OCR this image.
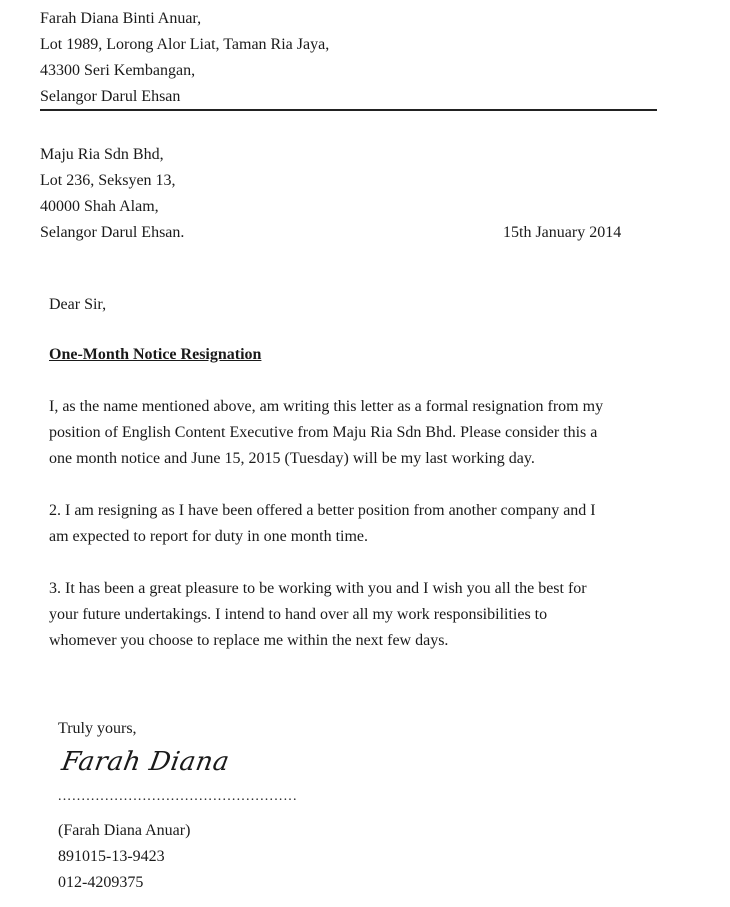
Farah Diana Binti Anuar,
Lot 1989, Lorong Alor Liat, Taman Ria Jaya,
43300 Seri Kembangan,
Selangor Darul Ehsan
Maju Ria Sdn Bhd,
Lot 236, Seksyen 13,
40000 Shah Alam,
Selangor Darul Ehsan.	15th January 2014
Dear Sir,
One-Month Notice Resignation

I, as the name mentioned above, am writing this letter as a formal resignation from my

position of English Content Executive from Maju Ria Sdn Bhd. Please consider this a

one month notice and June 15, 2015 (Tuesday) will be my last working day.

2. I am resigning as I have been offered a better position from another company and I

am expected to report for duty in one month time.

3. It has been a great pleasure to be working with you and I wish you all the best for

your future undertakings. I intend to hand over all my work responsibilities to

whomever you choose to replace me within the next few days.

Truly yours,
Farah Diana
...................................................
(Farah Diana Anuar)
891015-13-9423
012-4209375
